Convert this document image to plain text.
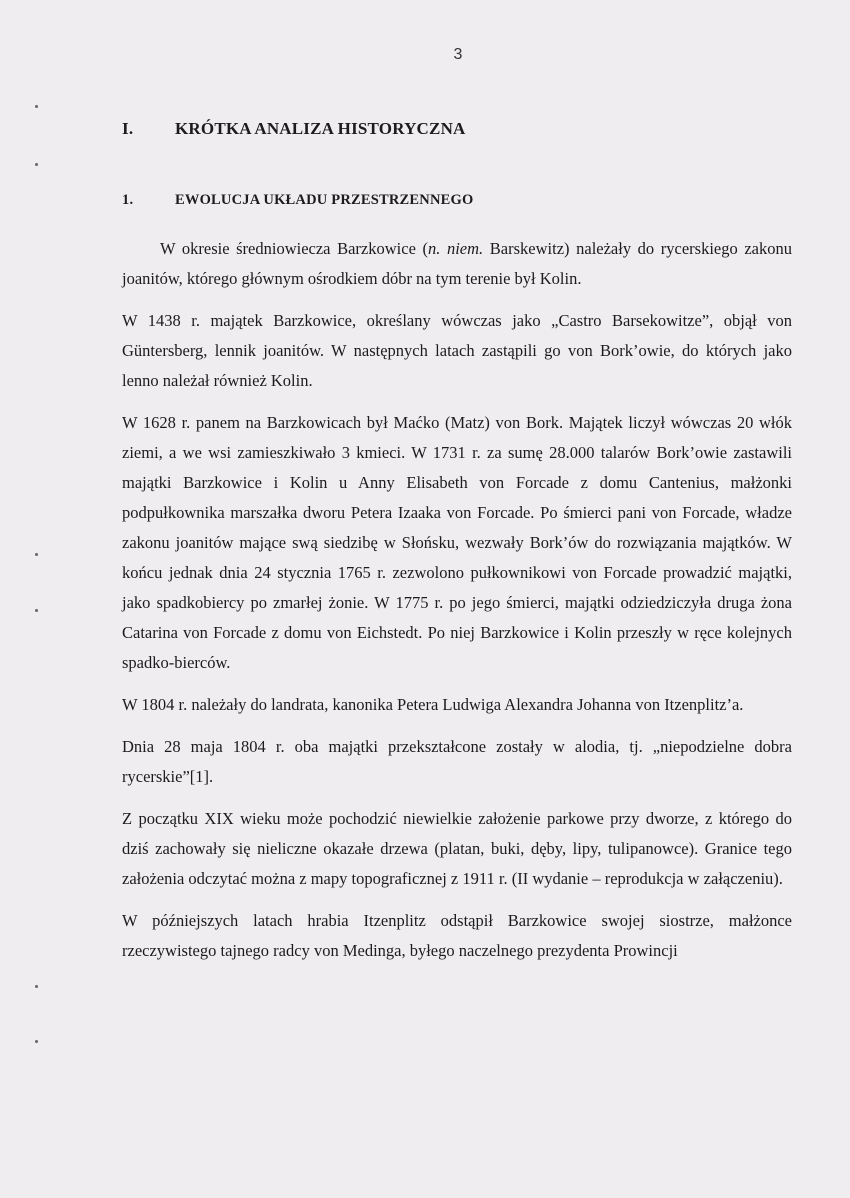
3
I. KRÓTKA ANALIZA HISTORYCZNA
1.	EWOLUCJA UKŁADU PRZESTRZENNEGO

W okresie średniowiecza Barzkowice (n. niem. Barskewitz) należały do rycerskiego zakonu joanitów, którego głównym ośrodkiem dóbr na tym terenie był Kolin.

W 1438 r. majątek Barzkowice, określany wówczas jako „Castro Barsekowitze”, objął von Güntersberg, lennik joanitów. W następnych latach zastąpili go von Bork’owie, do których jako lenno należał również Kolin.

W 1628 r. panem na Barzkowicach był Maćko (Matz) von Bork. Majątek liczył wówczas 20 włók ziemi, a we wsi zamieszkiwało 3 kmieci. W 1731 r. za sumę 28.000 talarów Bork’owie zastawili majątki Barzkowice i Kolin u Anny Elisabeth von Forcade z domu Cantenius, małżonki podpułkownika marszałka dworu Petera Izaaka von Forcade. Po śmierci pani von Forcade, władze zakonu joanitów mające swą siedzibę w Słońsku, wezwały Bork’ów do rozwiązania majątków. W końcu jednak dnia 24 stycznia 1765 r. zezwolono pułkownikowi von Forcade prowadzić majątki, jako spadkobiercy po zmarłej żonie. W 1775 r. po jego śmierci, majątki odziedziczyła druga żona Catarina von Forcade z domu von Eichstedt. Po niej Barzkowice i Kolin przeszły w ręce kolejnych spadko-bierców.

W 1804 r. należały do landrata, kanonika Petera Ludwiga Alexandra Johanna von Itzenplitz’a.

Dnia 28 maja 1804 r. oba majątki przekształcone zostały w alodia, tj. „niepodzielne dobra rycerskie”[1].

Z początku XIX wieku może pochodzić niewielkie założenie parkowe przy dworze, z którego do dziś zachowały się nieliczne okazałe drzewa (platan, buki, dęby, lipy, tulipanowce). Granice tego założenia odczytać można z mapy topograficznej z 1911 r. (II wydanie – reprodukcja w załączeniu).

W późniejszych latach hrabia Itzenplitz odstąpił Barzkowice swojej siostrze, małżonce rzeczywistego tajnego radcy von Medinga, byłego naczelnego prezydenta Prowincji
